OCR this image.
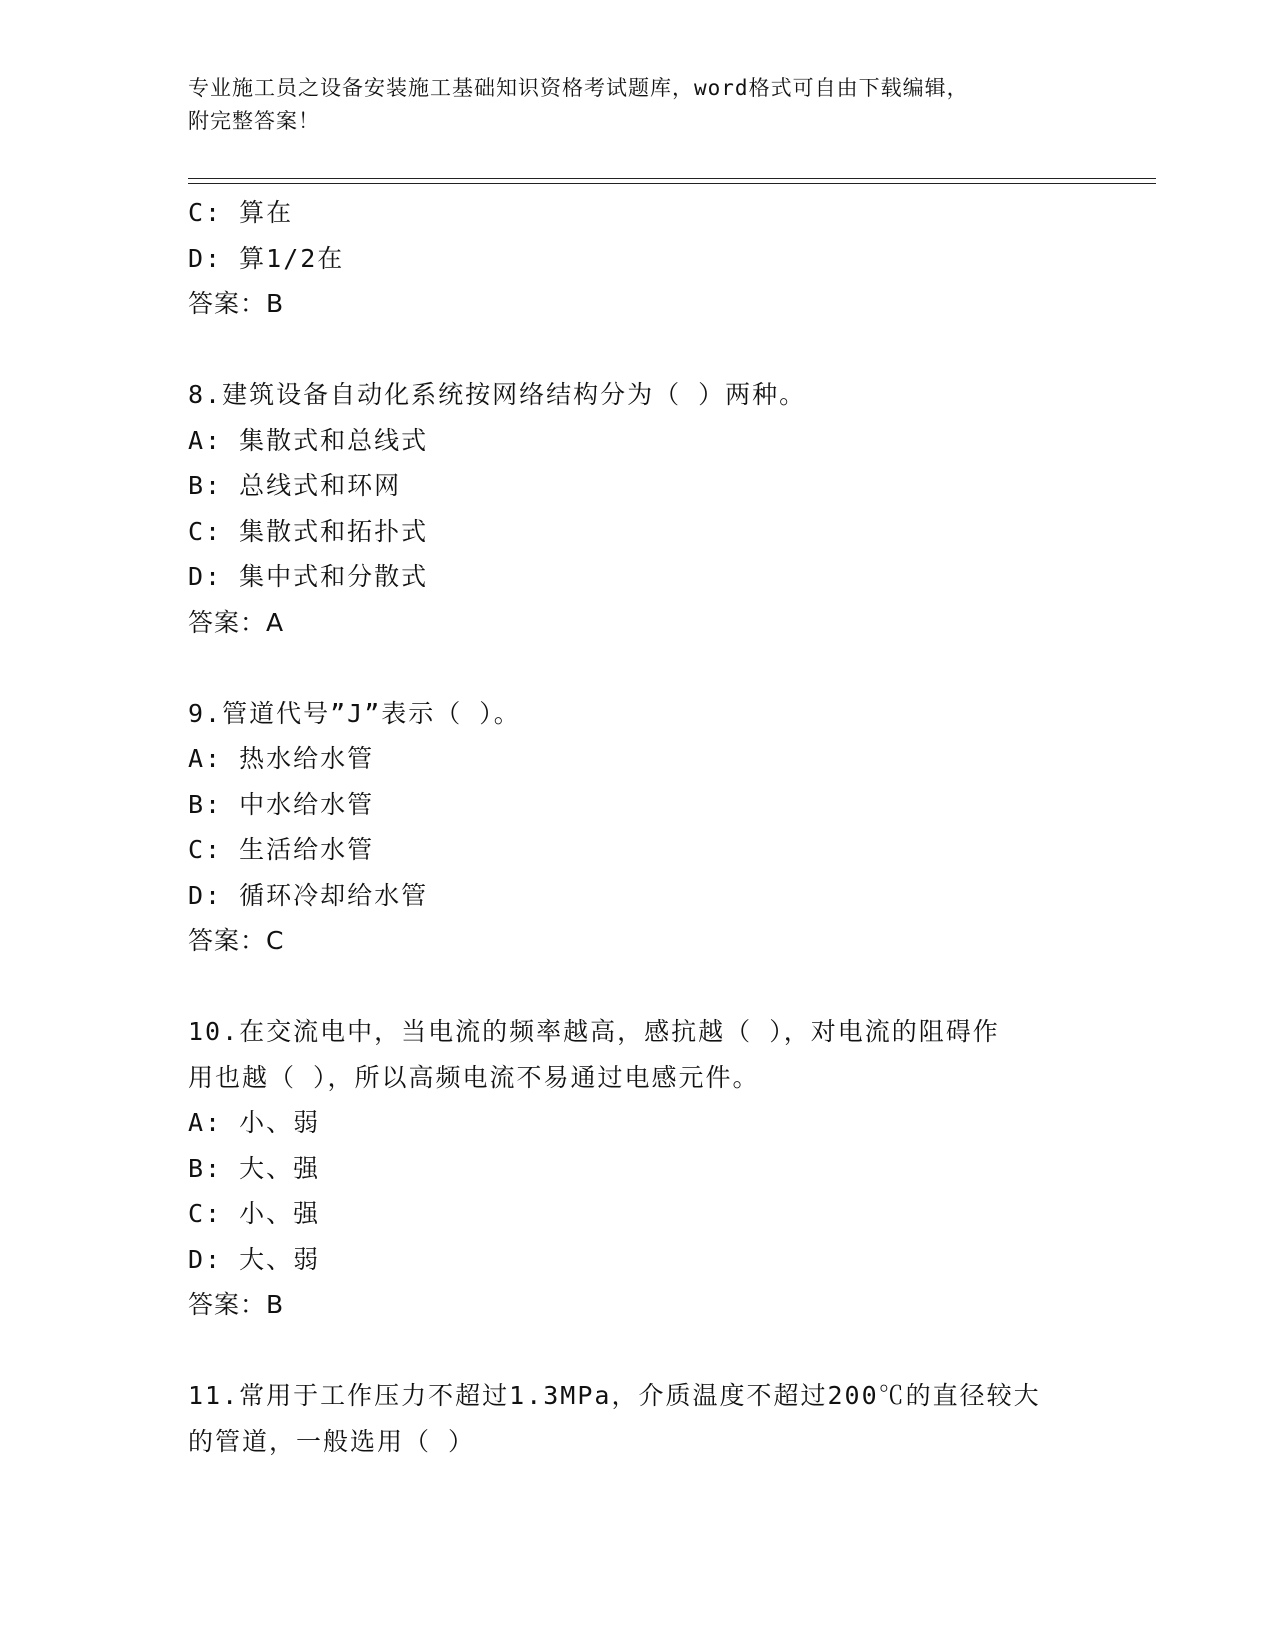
专业施工员之设备安装施工基础知识资格考试题库，word格式可自由下载编辑，
附完整答案！
C: 算在
D: 算1/2在
答案：B
8.建筑设备自动化系统按网络结构分为（ ）两种。
A: 集散式和总线式
B: 总线式和环网
C: 集散式和拓扑式
D: 集中式和分散式
答案：A
9.管道代号”J”表示（ ）。
A: 热水给水管
B: 中水给水管
C: 生活给水管
D: 循环冷却给水管
答案：C
10.在交流电中，当电流的频率越高，感抗越（ ），对电流的阻碍作
用也越（ ），所以高频电流不易通过电感元件。
A: 小、弱
B: 大、强
C: 小、强
D: 大、弱
答案：B
11.常用于工作压力不超过1.3MPa，介质温度不超过200℃的直径较大
的管道，一般选用（ ）
